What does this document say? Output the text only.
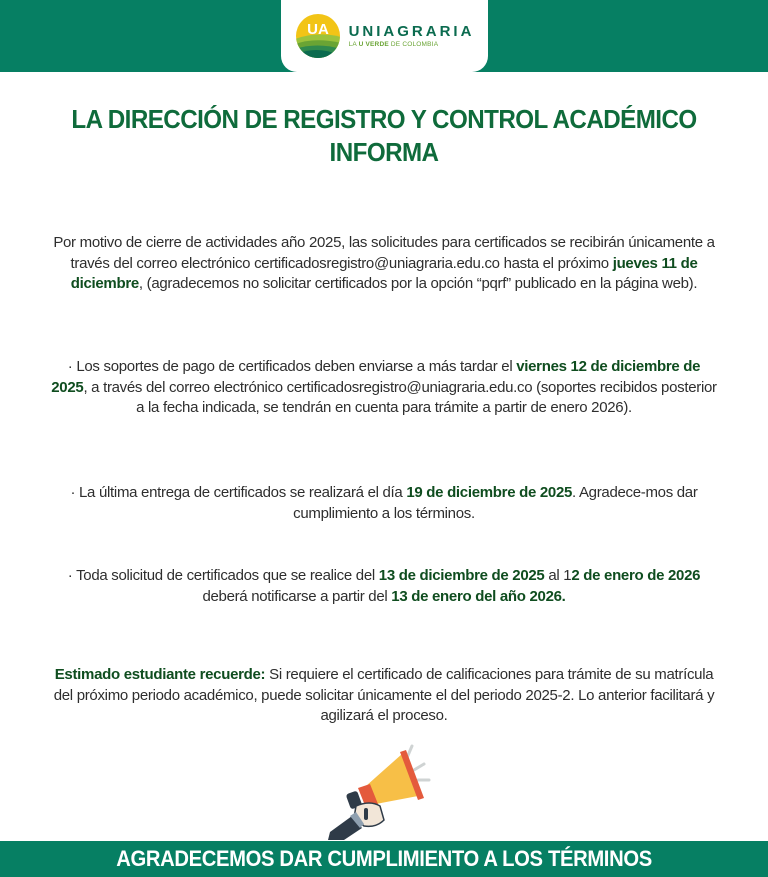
UA UNIAGRARIA
LA U VERDE DE COLOMBIA
LA DIRECCIÓN DE REGISTRO Y CONTROL ACADÉMICO
INFORMA

Por motivo de cierre de actividades año 2025, las solicitudes para certificados se recibirán únicamente a través del correo electrónico certificadosregistro@uniagraria.edu.co hasta el próximo jueves 11 de diciembre, (agradecemos no solicitar certificados por la opción “pqrf” publicado en la página web).

· Los soportes de pago de certificados deben enviarse a más tardar el viernes 12 de diciembre de 2025, a través del correo electrónico certificadosregistro@uniagraria.edu.co (soportes recibidos posterior a la fecha indicada, se tendrán en cuenta para trámite a partir de enero 2026).

· La última entrega de certificados se realizará el día 19 de diciembre de 2025. Agradece-mos dar cumplimiento a los términos.

· Toda solicitud de certificados que se realice del 13 de diciembre de 2025 al 12 de enero de 2026 deberá notificarse a partir del 13 de enero del año 2026.

Estimado estudiante recuerde: Si requiere el certificado de calificaciones para trámite de su matrícula del próximo periodo académico, puede solicitar únicamente el del periodo 2025-2. Lo anterior facilitará y agilizará el proceso.

AGRADECEMOS DAR CUMPLIMIENTO A LOS TÉRMINOS
